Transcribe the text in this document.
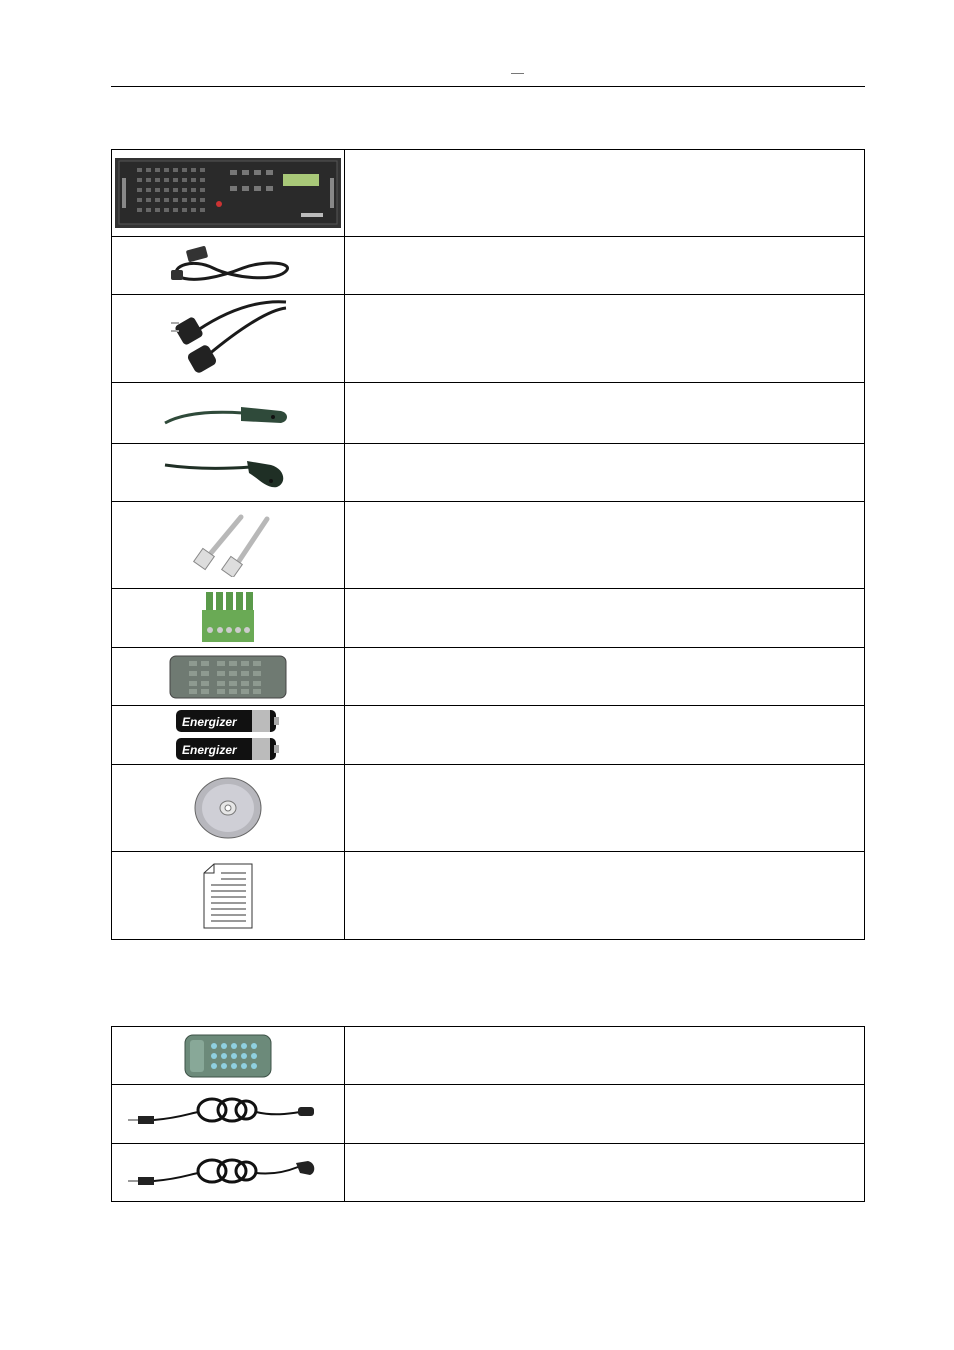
Energizer
Energizer	
